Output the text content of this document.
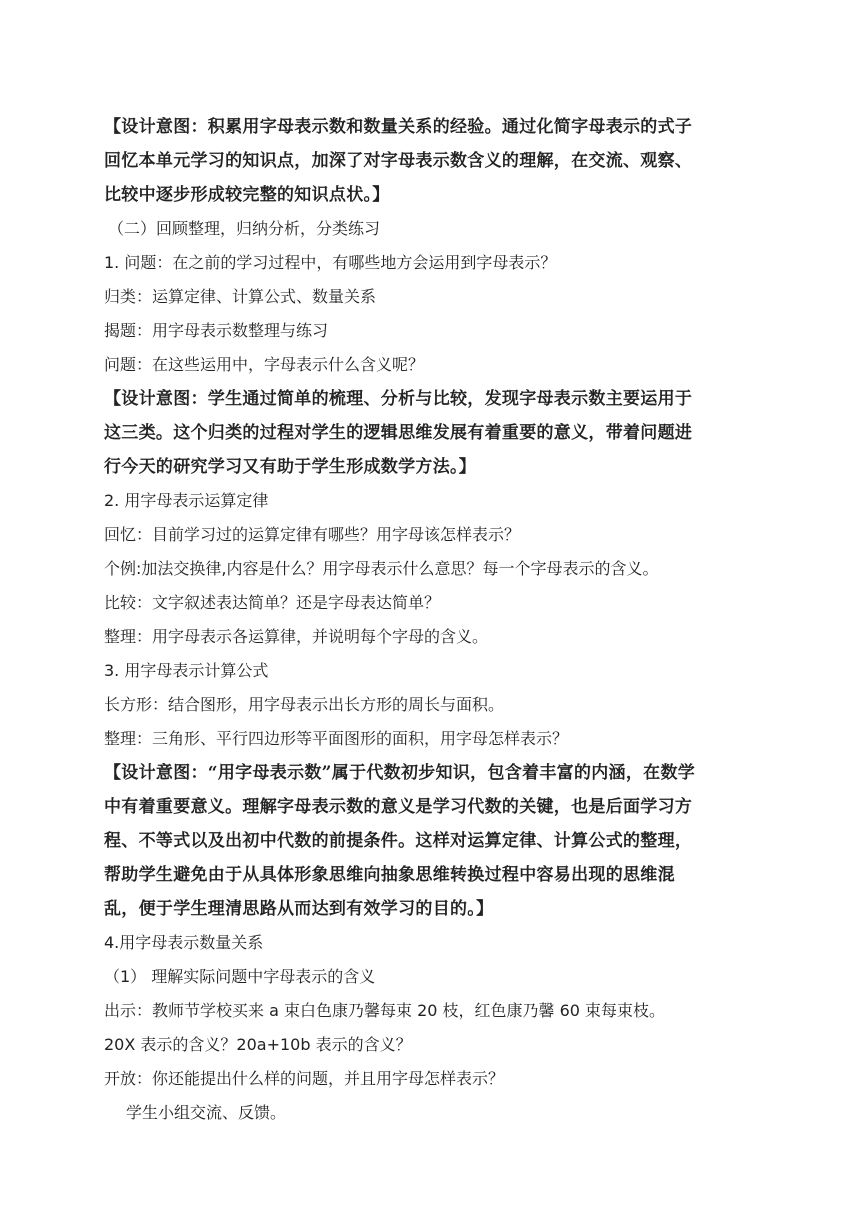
【设计意图：积累用字母表示数和数量关系的经验。通过化简字母表示的式子
回忆本单元学习的知识点，加深了对字母表示数含义的理解，在交流、观察、
比较中逐步形成较完整的知识点状。】

（二）回顾整理，归纳分析，分类练习

1. 问题：在之前的学习过程中，有哪些地方会运用到字母表示？

归类：运算定律、计算公式、数量关系

揭题：用字母表示数整理与练习

问题：在这些运用中，字母表示什么含义呢？

【设计意图：学生通过简单的梳理、分析与比较，发现字母表示数主要运用于
这三类。这个归类的过程对学生的逻辑思维发展有着重要的意义，带着问题进
行今天的研究学习又有助于学生形成数学方法。】

2. 用字母表示运算定律

回忆：目前学习过的运算定律有哪些？用字母该怎样表示？

个例:加法交换律,内容是什么？用字母表示什么意思？每一个字母表示的含义。

比较：文字叙述表达简单？还是字母表达简单？

整理：用字母表示各运算律，并说明每个字母的含义。

3. 用字母表示计算公式

长方形：结合图形，用字母表示出长方形的周长与面积。

整理：三角形、平行四边形等平面图形的面积，用字母怎样表示？

【设计意图：“用字母表示数”属于代数初步知识，包含着丰富的内涵，在数学
中有着重要意义。理解字母表示数的意义是学习代数的关键，也是后面学习方
程、不等式以及出初中代数的前提条件。这样对运算定律、计算公式的整理，
帮助学生避免由于从具体形象思维向抽象思维转换过程中容易出现的思维混
乱，便于学生理清思路从而达到有效学习的目的。】

4.用字母表示数量关系

（1） 理解实际问题中字母表示的含义

出示：教师节学校买来 a 束白色康乃馨每束 20 枝，红色康乃馨 60 束每束枝。

20X 表示的含义？20a+10b 表示的含义？

开放：你还能提出什么样的问题，并且用字母怎样表示？

学生小组交流、反馈。
